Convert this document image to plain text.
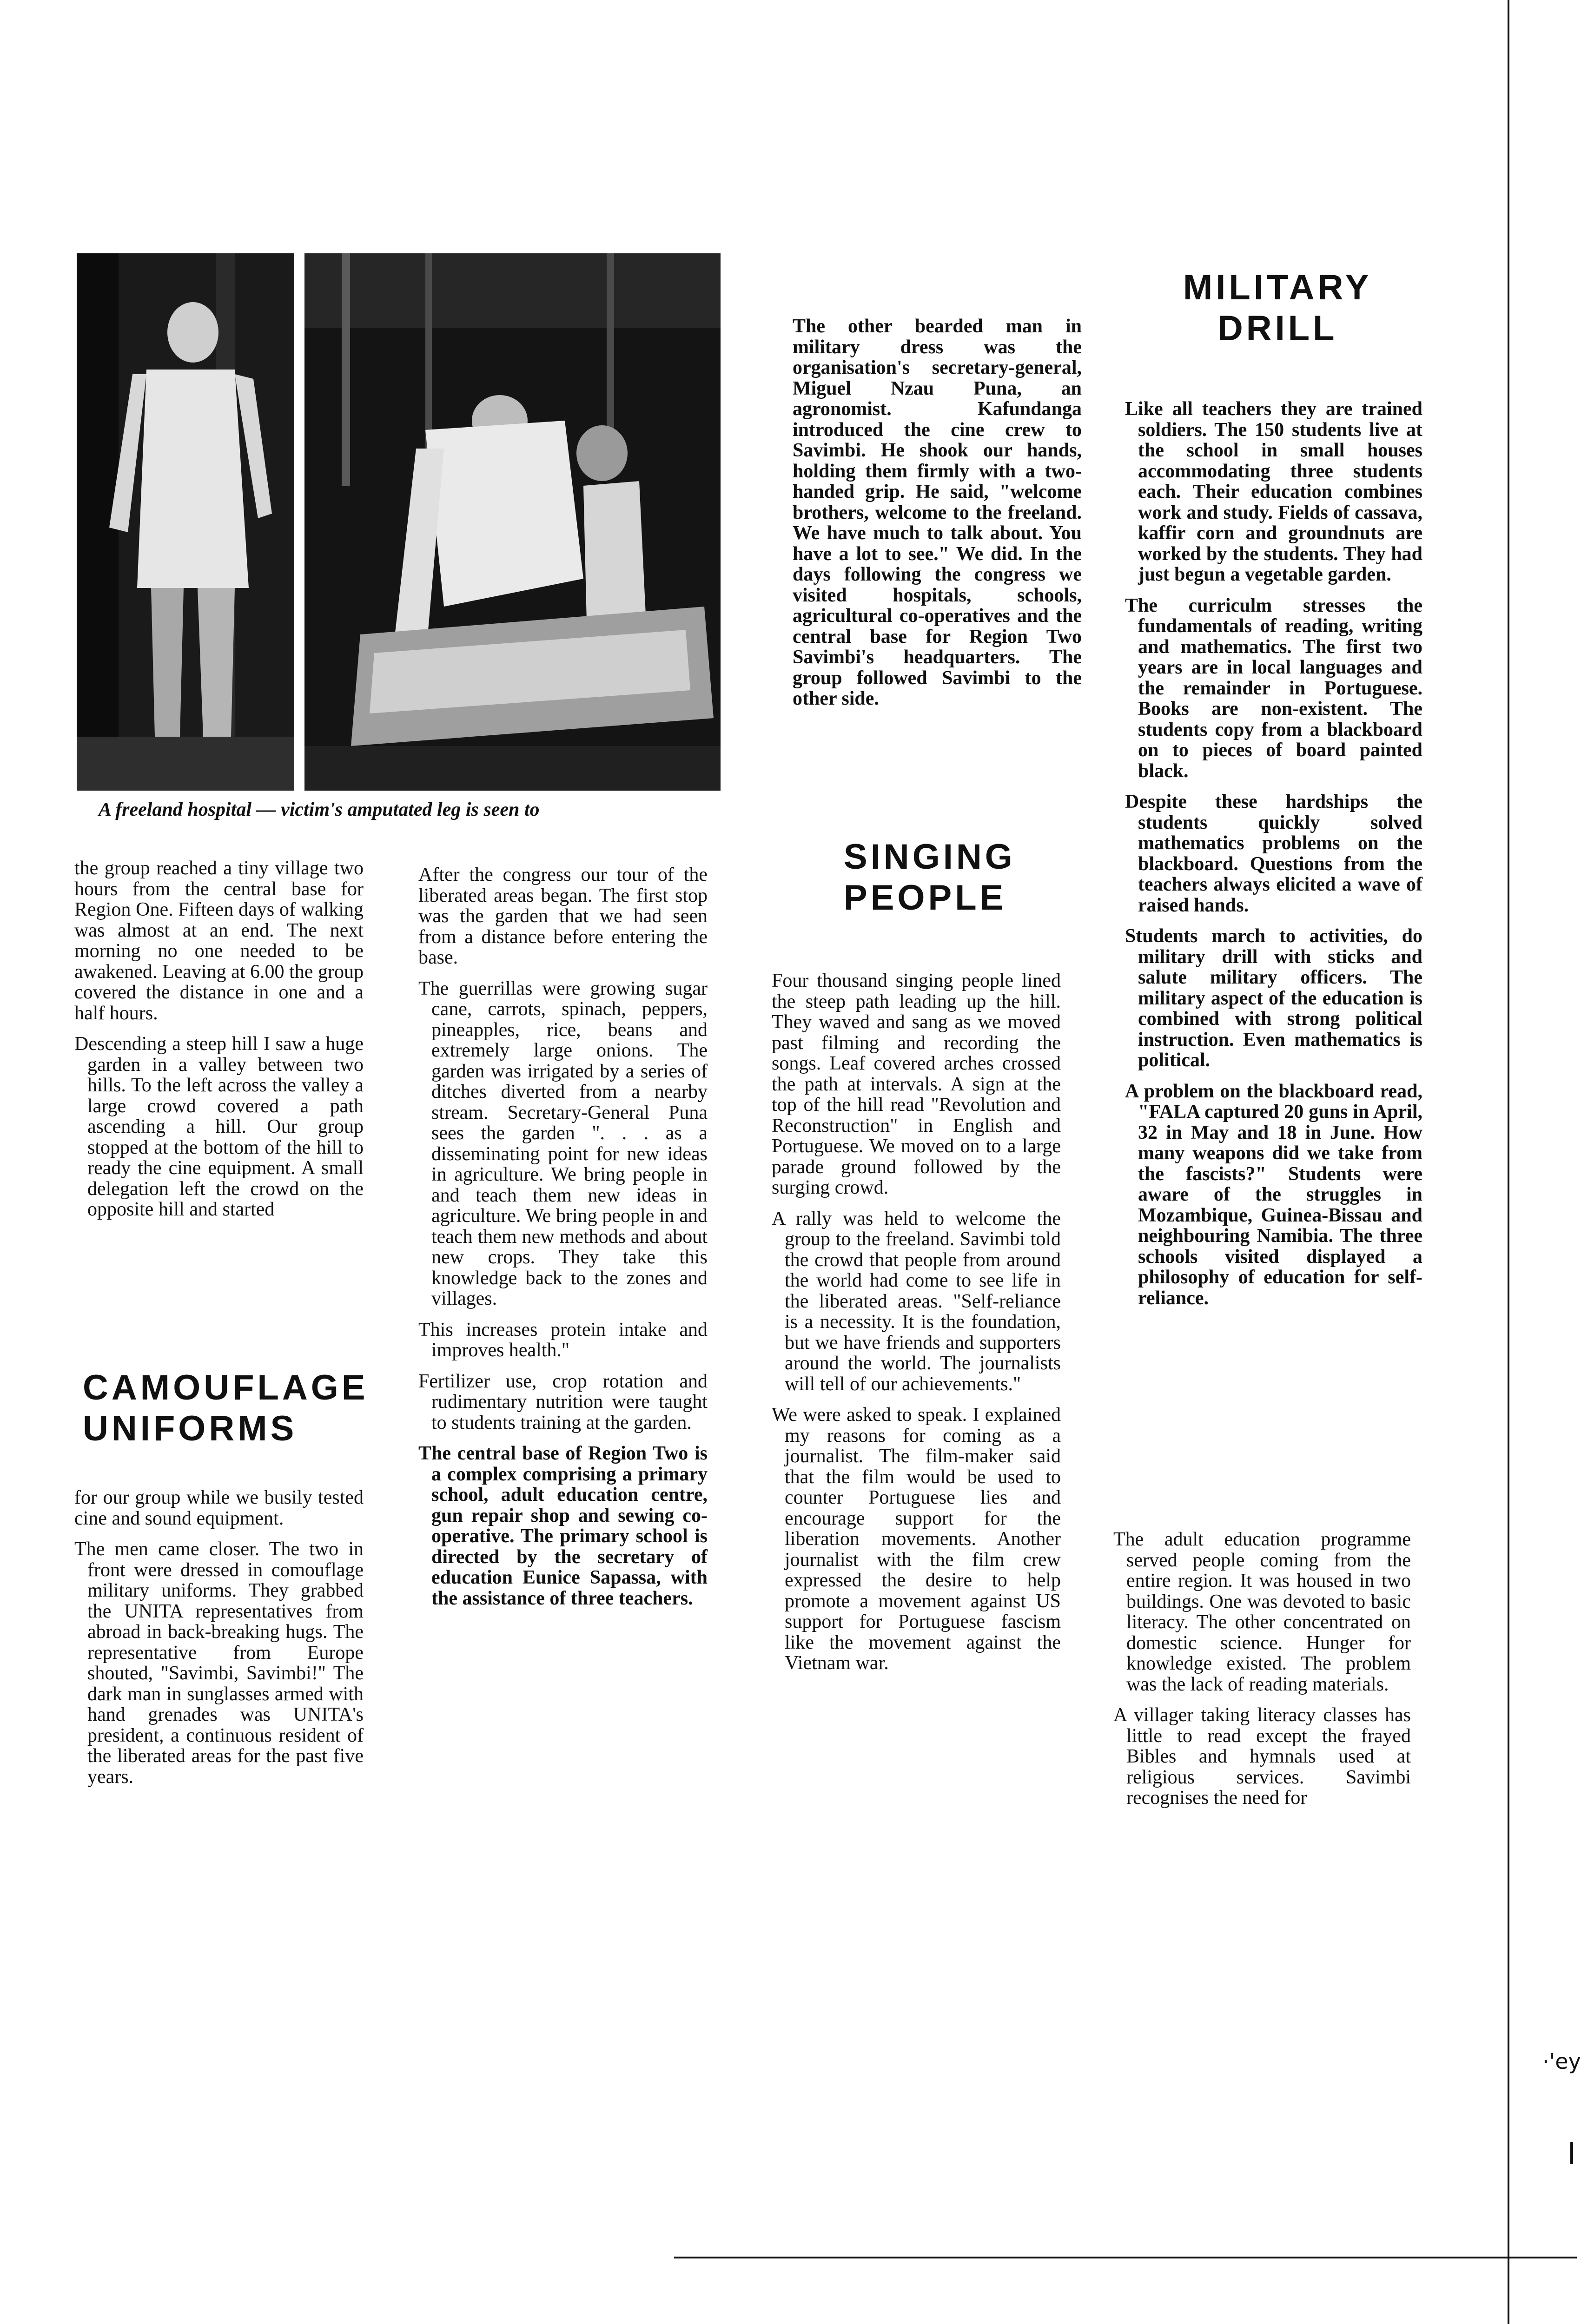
·'ey
A freeland hospital — victim's amputated leg is seen to

the group reached a tiny village two hours from the central base for Region One. Fifteen days of walking was almost at an end. The next morning no one needed to be awakened. Leaving at 6.00 the group covered the distance in one and a half hours.

Descending a steep hill I saw a huge garden in a valley between two hills. To the left across the valley a large crowd covered a path ascending a hill. Our group stopped at the bottom of the hill to ready the cine equipment. A small delegation left the crowd on the opposite hill and started

CAMOUFLAGE
UNIFORMS

for our group while we busily tested cine and sound equipment.

The men came closer. The two in front were dressed in comouflage military uniforms. They grabbed the UNITA representatives from abroad in back-breaking hugs. The representative from Europe shouted, "Savimbi, Savimbi!" The dark man in sunglasses armed with hand grenades was UNITA's president, a continuous resident of the liberated areas for the past five years.

After the congress our tour of the liberated areas began. The first stop was the garden that we had seen from a distance before entering the base.

The guerrillas were growing sugar cane, carrots, spinach, peppers, pineapples, rice, beans and extremely large onions. The garden was irrigated by a series of ditches diverted from a nearby stream. Secretary-General Puna sees the garden ". . . as a disseminating point for new ideas in agriculture. We bring people in and teach them new ideas in agriculture. We bring people in and teach them new methods and about new crops. They take this knowledge back to the zones and villages.

This increases protein intake and improves health."

Fertilizer use, crop rotation and rudimentary nutrition were taught to students training at the garden.

The central base of Region Two is a complex comprising a primary school, adult education centre, gun repair shop and sewing co-operative. The primary school is directed by the secretary of education Eunice Sapassa, with the assistance of three teachers.

The other bearded man in military dress was the organisation's secretary-general, Miguel Nzau Puna, an agronomist. Kafundanga introduced the cine crew to Savimbi. He shook our hands, holding them firmly with a two-handed grip. He said, "welcome brothers, welcome to the freeland. We have much to talk about. You have a lot to see." We did. In the days following the congress we visited hospitals, schools, agricultural co-operatives and the central base for Region Two Savimbi's headquarters. The group followed Savimbi to the other side.

SINGING
PEOPLE

Four thousand singing people lined the steep path leading up the hill. They waved and sang as we moved past filming and recording the songs. Leaf covered arches crossed the path at intervals. A sign at the top of the hill read "Revolution and Reconstruction" in English and Portuguese. We moved on to a large parade ground followed by the surging crowd.

A rally was held to welcome the group to the freeland. Savimbi told the crowd that people from around the world had come to see life in the liberated areas. "Self-reliance is a necessity. It is the foundation, but we have friends and supporters around the world. The journalists will tell of our achievements."

We were asked to speak. I explained my reasons for coming as a journalist. The film-maker said that the film would be used to counter Portuguese lies and encourage support for the liberation movements. Another journalist with the film crew expressed the desire to help promote a movement against US support for Portuguese fascism like the movement against the Vietnam war.

MILITARY
DRILL

Like all teachers they are trained soldiers. The 150 students live at the school in small houses accommodating three students each. Their education combines work and study. Fields of cassava, kaffir corn and groundnuts are worked by the students. They had just begun a vegetable garden.

The curriculm stresses the fundamentals of reading, writing and mathematics. The first two years are in local languages and the remainder in Portuguese. Books are non-existent. The students copy from a blackboard on to pieces of board painted black.

Despite these hardships the students quickly solved mathematics problems on the blackboard. Questions from the teachers always elicited a wave of raised hands.

Students march to activities, do military drill with sticks and salute military officers. The military aspect of the education is combined with strong political instruction. Even mathematics is political.

A problem on the blackboard read, "FALA captured 20 guns in April, 32 in May and 18 in June. How many weapons did we take from the fascists?" Students were aware of the struggles in Mozambique, Guinea-Bissau and neighbouring Namibia. The three schools visited displayed a philosophy of education for self-reliance.

The adult education programme served people coming from the entire region. It was housed in two buildings. One was devoted to basic literacy. The other concentrated on domestic science. Hunger for knowledge existed. The problem was the lack of reading materials.

A villager taking literacy classes has little to read except the frayed Bibles and hymnals used at religious services. Savimbi recognises the need for
